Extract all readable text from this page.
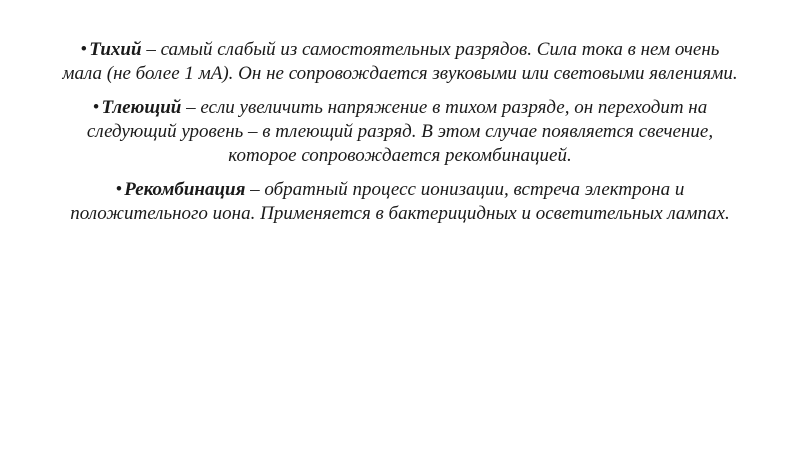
• Тихий – самый слабый из самостоятельных разрядов. Сила тока в нем очень мала (не более 1 мА). Он не сопровождается звуковыми или световыми явлениями.

• Тлеющий – если увеличить напряжение в тихом разряде, он переходит на следующий уровень – в тлеющий разряд. В этом случае появляется свечение, которое сопровождается рекомбинацией.

• Рекомбинация – обратный процесс ионизации, встреча электрона и положительного иона. Применяется в бактерицидных и осветительных лампах.
